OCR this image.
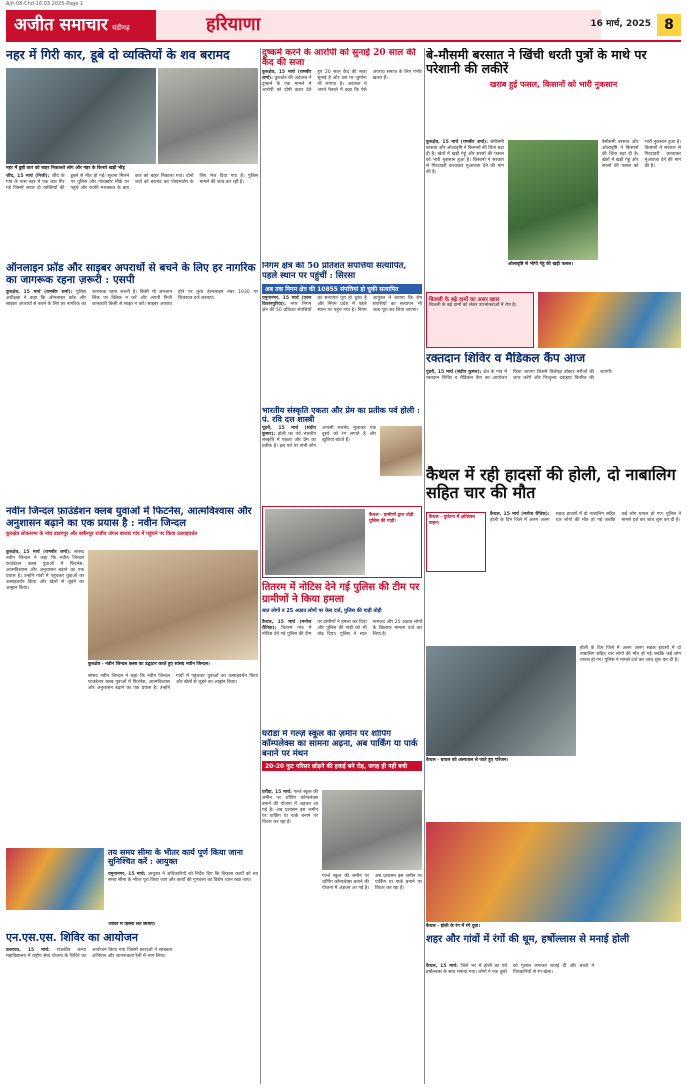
Ajit-08-Chd-16.03.2025-Page 1
अजीत समाचार चंडीगढ़	हरियाणा	16 मार्च, 2025 8
नहर में गिरी कार, डूबे दो व्यक्तियों के शव बरामद
नहर में डूबी कार को बाहर निकालते लोग और नहर के किनारे खड़ी भीड़
जींद, 15 मार्च (निजी): जींद के गांव के पास नहर में एक कार गिर गई जिसमें सवार दो व्यक्तियों की डूबने से मौत हो गई। सूचना मिलने पर पुलिस और गोताखोर मौके पर पहुंचे और काफी मशक्कत के बाद कार को बाहर निकाला गया। दोनों शवों को बरामद कर पोस्टमार्टम के लिए भेज दिया गया है। पुलिस मामले की जांच कर रही है।
दुष्कर्म करने के आरोपी को सुनाई 20 साल की कैद की सजा
कुरुक्षेत्र, 15 मार्च (रामबीर शर्मा): कुरुक्षेत्र की अदालत ने दुष्कर्म के एक मामले में आरोपी को दोषी करार देते हुए 20 साल कैद की सजा सुनाई है और उस पर जुर्माना भी लगाया है। अदालत ने अपने फैसले में कहा कि ऐसे अपराध समाज के लिए गंभीर खतरा हैं।
बे-मौसमी बरसात ने खिंची धरती पुत्रों के माथे पर परेशानी की लकीरें
खराब हुई फसल, किसानों को भारी नुकसान
ओलावृष्टि से भीगी गेहूं की खड़ी फसल।
कुरुक्षेत्र, 15 मार्च (रामबीर शर्मा): बेमौसमी बरसात और ओलावृष्टि ने किसानों की चिंता बढ़ा दी है। खेतों में खड़ी गेहूं और सरसों की फसल को भारी नुकसान हुआ है। किसानों ने सरकार से गिरदावरी करवाकर मुआवजा देने की मांग की है।
बेमौसमी बरसात और ओलावृष्टि ने किसानों की चिंता बढ़ा दी है। खेतों में खड़ी गेहूं और सरसों की फसल को भारी नुकसान हुआ है। किसानों ने सरकार से गिरदावरी करवाकर मुआवजा देने की मांग की है।
ऑनलाइन फ्रॉड और साइबर अपराधों से बचने के लिए हर नागरिक का जागरूक रहना ज़रूरी : एसपी
कुरुक्षेत्र, 15 मार्च (रामबीर शर्मा): पुलिस अधीक्षक ने कहा कि ऑनलाइन फ्रॉड और साइबर अपराधों से बचने के लिए हर नागरिक का जागरूक रहना जरूरी है। किसी भी अनजान लिंक पर क्लिक न करें और अपनी निजी जानकारी किसी से साझा न करें। साइबर अपराध होने पर तुरंत हेल्पलाइन नंबर 1930 पर शिकायत दर्ज करवाएं।
निगम क्षेत्र की 50 प्रतिशत संपत्तियां सत्यापित, पहले स्थान पर पहुंचीं : सिरसा
अब तक निगम क्षेत्र की 10855 संपत्तियां हो चुकी सत्यापित
यमुनानगर, 15 मार्च (एरुन किशनपुरिया): नगर निगम क्षेत्र की 50 प्रतिशत संपत्तियों का सत्यापन पूरा हो चुका है और निगम प्रदेश में पहले स्थान पर पहुंच गया है। निगम आयुक्त ने बताया कि शेष संपत्तियों का सत्यापन भी जल्द पूरा कर लिया जाएगा।
भारतीय संस्कृति एकता और प्रेम का प्रतीक पर्व होली : पं. रवि दत्त शास्त्री
पूंडरी, 15 मार्च (संदीप कुमार): होली का पर्व भारतीय संस्कृति में एकता और प्रेम का प्रतीक है। इस पर्व पर सभी लोग आपसी मतभेद भुलाकर एक दूसरे को रंग लगाते हैं और खुशियां बांटते हैं।
बिजली के बढ़े दामों का असर खास
बिजली के बढ़े दामों को लेकर उपभोक्ताओं में रोष है।
रक्तदान शिविर व मैडिकल कैंप आज
पुंडरी, 15 मार्च (संदीप कुमार): क्षेत्र के गांव में रक्तदान शिविर व मैडिकल कैंप का आयोजन किया जाएगा जिसमें विशेषज्ञ डॉक्टर मरीजों की जांच करेंगे और निःशुल्क दवाइयां वितरित की जाएंगी।
कैथल में रही हादसों की होली, दो नाबालिग सहित चार की मौत
कैथल - दुर्घटना में क्षतिग्रस्त वाहन।
कैथल, 15 मार्च (मनोज रौतिक): होली के दिन जिले में अलग अलग सड़क हादसों में दो नाबालिग सहित चार लोगों की मौत हो गई जबकि कई लोग घायल हो गए। पुलिस ने मामले दर्ज कर जांच शुरू कर दी है।
कैथल - घायल को अस्पताल ले जाते हुए परिजन।
होली के दिन जिले में अलग अलग सड़क हादसों में दो नाबालिग सहित चार लोगों की मौत हो गई जबकि कई लोग घायल हो गए। पुलिस ने मामले दर्ज कर जांच शुरू कर दी है।
नवीन जिन्दल फ़ाउंडेशन क्लब युवाओं में फिटनेस, आत्मविश्वास और अनुशासन बढ़ाने का एक प्रयास है : नवीन जिन्दल
कुरुक्षेत्र लोकसभा के नांच डाडगपुर और बाबैनपुर राजीव जंगल बाजार गांव में पहुंचने पर किया उत्साहवर्धन
कुरुक्षेत्र, 15 मार्च (रामबीर शर्मा): सांसद नवीन जिन्दल ने कहा कि नवीन जिन्दल फाउंडेशन क्लब युवाओं में फिटनेस, आत्मविश्वास और अनुशासन बढ़ाने का एक प्रयास है। उन्होंने गांवों में पहुंचकर युवाओं का उत्साहवर्धन किया और खेलों से जुड़ने का आह्वान किया।
कुरुक्षेत्र - नवीन जिन्दल क्लब का उद्घाटन करते हुए सांसद नवीन जिन्दल।
सांसद नवीन जिन्दल ने कहा कि नवीन जिन्दल फाउंडेशन क्लब युवाओं में फिटनेस, आत्मविश्वास और अनुशासन बढ़ाने का एक प्रयास है। उन्होंने गांवों में पहुंचकर युवाओं का उत्साहवर्धन किया और खेलों से जुड़ने का आह्वान किया।
कैथल - ग्रामीणों द्वारा तोड़ी पुलिस की गाड़ी।
तितरम में नोटिस देने गई पुलिस की टीम पर ग्रामीणों ने किया हमला
सात लोगों व 25 अज्ञात लोगों पर केस दर्ज, पुलिस की गाड़ी तोड़ी
कैथल, 15 मार्च (मनोज रौतिक): तितरम गांव में नोटिस देने गई पुलिस की टीम पर ग्रामीणों ने हमला कर दिया और पुलिस की गाड़ी को भी तोड़ दिया। पुलिस ने सात नामजद और 25 अज्ञात लोगों के खिलाफ मामला दर्ज कर लिया है।
तय समय सीमा के भीतर कार्य पूर्ण किया जाना सुनिश्चित करें : आयुक्त
यमुनानगर, 15 मार्च: आयुक्त ने अधिकारियों को निर्देश दिए कि विकास कार्यों को तय समय सीमा के भीतर पूरा किया जाए और कार्यों की गुणवत्ता का विशेष ध्यान रखा जाए।
शिविर में हिस्सा लेते छात्राएं।
एन.एस.एस. शिविर का आयोजन
कलायत, 15 मार्च: राजकीय कन्या महाविद्यालय में राष्ट्रीय सेवा योजना के शिविर का आयोजन किया गया जिसमें छात्राओं ने स्वच्छता अभियान और जागरूकता रैली में भाग लिया।
घरौंडा में गर्ल्ज़ स्कूल की ज़मीन पर शॉपिंग कॉम्पलेक्स का सामना अढ़ना, अब पार्किंग या पार्क बनाने पर मंथन
20-20 फुट परिसर छोड़ने की हवाई बने रोड़, जगह ही नहीं बची
घरौंडा, 15 मार्च: गर्ल्ज स्कूल की जमीन पर शॉपिंग कॉम्पलेक्स बनाने की योजना में अड़चन आ गई है। अब प्रशासन इस जमीन पर पार्किंग या पार्क बनाने पर विचार कर रहा है।
गर्ल्ज स्कूल की जमीन पर शॉपिंग कॉम्पलेक्स बनाने की योजना में अड़चन आ गई है। अब प्रशासन इस जमीन पर पार्किंग या पार्क बनाने पर विचार कर रहा है।
कैथल - होली के रंग में रंगे युवा।
शहर और गांवों में रंगों की धूम, हर्षोल्लास से मनाई होली
कैथल, 15 मार्च: जिले भर में होली का पर्व हर्षोल्लास के साथ मनाया गया। लोगों ने एक दूसरे को गुलाल लगाकर बधाई दी और बच्चों ने पिचकारियों से रंग खेला।
